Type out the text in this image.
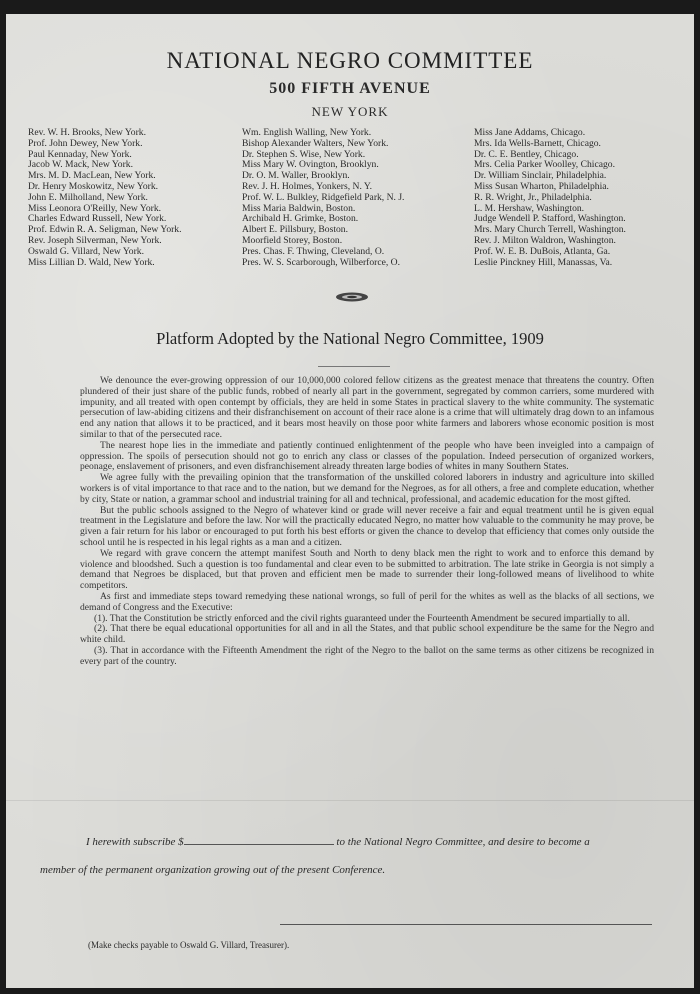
NATIONAL NEGRO COMMITTEE
500 FIFTH AVENUE
NEW YORK
Rev. W. H. Brooks, New York.
Prof. John Dewey, New York.
Paul Kennaday, New York.
Jacob W. Mack, New York.
Mrs. M. D. MacLean, New York.
Dr. Henry Moskowitz, New York.
John E. Milholland, New York.
Miss Leonora O'Reilly, New York.
Charles Edward Russell, New York.
Prof. Edwin R. A. Seligman, New York.
Rev. Joseph Silverman, New York.
Oswald G. Villard, New York.
Miss Lillian D. Wald, New York.
Wm. English Walling, New York.
Bishop Alexander Walters, New York.
Dr. Stephen S. Wise, New York.
Miss Mary W. Ovington, Brooklyn.
Dr. O. M. Waller, Brooklyn.
Rev. J. H. Holmes, Yonkers, N. Y.
Prof. W. L. Bulkley, Ridgefield Park, N. J.
Miss Maria Baldwin, Boston.
Archibald H. Grimke, Boston.
Albert E. Pillsbury, Boston.
Moorfield Storey, Boston.
Pres. Chas. F. Thwing, Cleveland, O.
Pres. W. S. Scarborough, Wilberforce, O.
Miss Jane Addams, Chicago.
Mrs. Ida Wells-Barnett, Chicago.
Dr. C. E. Bentley, Chicago.
Mrs. Celia Parker Woolley, Chicago.
Dr. William Sinclair, Philadelphia.
Miss Susan Wharton, Philadelphia.
R. R. Wright, Jr., Philadelphia.
L. M. Hershaw, Washington.
Judge Wendell P. Stafford, Washington.
Mrs. Mary Church Terrell, Washington.
Rev. J. Milton Waldron, Washington.
Prof. W. E. B. DuBois, Atlanta, Ga.
Leslie Pinckney Hill, Manassas, Va.
Platform Adopted by the National Negro Committee, 1909

We denounce the ever-growing oppression of our 10,000,000 colored fellow citizens as the greatest menace that threatens the country. Often plundered of their just share of the public funds, robbed of nearly all part in the government, segregated by common carriers, some murdered with impunity, and all treated with open contempt by officials, they are held in some States in practical slavery to the white community. The systematic persecution of law-abiding citizens and their disfranchisement on account of their race alone is a crime that will ultimately drag down to an infamous end any nation that allows it to be practiced, and it bears most heavily on those poor white farmers and laborers whose economic position is most similar to that of the persecuted race.

The nearest hope lies in the immediate and patiently continued enlightenment of the people who have been inveigled into a campaign of oppression. The spoils of persecution should not go to enrich any class or classes of the population. Indeed persecution of organized workers, peonage, enslavement of prisoners, and even disfranchisement already threaten large bodies of whites in many Southern States.

We agree fully with the prevailing opinion that the transformation of the unskilled colored laborers in industry and agriculture into skilled workers is of vital importance to that race and to the nation, but we demand for the Negroes, as for all others, a free and complete education, whether by city, State or nation, a grammar school and industrial training for all and technical, professional, and academic education for the most gifted.

But the public schools assigned to the Negro of whatever kind or grade will never receive a fair and equal treatment until he is given equal treatment in the Legislature and before the law. Nor will the practically educated Negro, no matter how valuable to the community he may prove, be given a fair return for his labor or encouraged to put forth his best efforts or given the chance to develop that efficiency that comes only outside the school until he is respected in his legal rights as a man and a citizen.

We regard with grave concern the attempt manifest South and North to deny black men the right to work and to enforce this demand by violence and bloodshed. Such a question is too fundamental and clear even to be submitted to arbitration. The late strike in Georgia is not simply a demand that Negroes be displaced, but that proven and efficient men be made to surrender their long-followed means of livelihood to white competitors.

As first and immediate steps toward remedying these national wrongs, so full of peril for the whites as well as the blacks of all sections, we demand of Congress and the Executive:

(1). That the Constitution be strictly enforced and the civil rights guaranteed under the Fourteenth Amendment be secured impartially to all.

(2). That there be equal educational opportunities for all and in all the States, and that public school expenditure be the same for the Negro and white child.

(3). That in accordance with the Fifteenth Amendment the right of the Negro to the ballot on the same terms as other citizens be recognized in every part of the country.

I herewith subscribe $	to the National Negro Committee, and desire to become a
member of the permanent organization growing out of the present Conference.
(Make checks payable to Oswald G. Villard, Treasurer).
